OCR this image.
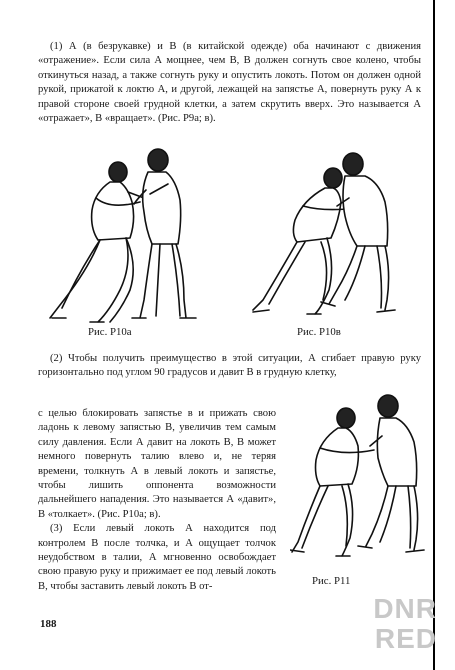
(1) А (в безрукавке) и В (в китайской одежде) оба начинают с движения «отражение». Если сила А мощнее, чем В, В должен согнуть свое колено, чтобы откинуться назад, а также согнуть руку и опустить локоть. Потом он должен одной рукой, прижатой к локтю А, и другой, лежащей на запястье А, повернуть руку А к правой стороне своей грудной клетки, а затем скрутить вверх. Это называется А «отражает», В «вращает». (Рис. Р9а; в).

Рис. Р10а	Рис. Р10в

(2) Чтобы получить преимущество в этой ситуации, А сгибает правую руку горизонтально под углом 90 градусов и давит В в грудную клетку,

с целью блокировать запястье в и прижать свою ладонь к левому запястью В, увеличив тем самым силу давления. Если А давит на локоть В, В может немного повернуть талию влево и, не теряя времени, толкнуть А в левый локоть и запястье, чтобы лишить оппонента возможности дальнейшего нападения. Это называется А «давит», В «толкает». (Рис. Р10а; в).

(3) Если левый локоть А находится под контролем В после толчка, и А ощущает толчок неудобством в талии, А мгновенно освобождает свою правую руку и прижимает ее под левый локоть В, чтобы заставить левый локоть В от-	Рис. Р11
188	DNR
RED
